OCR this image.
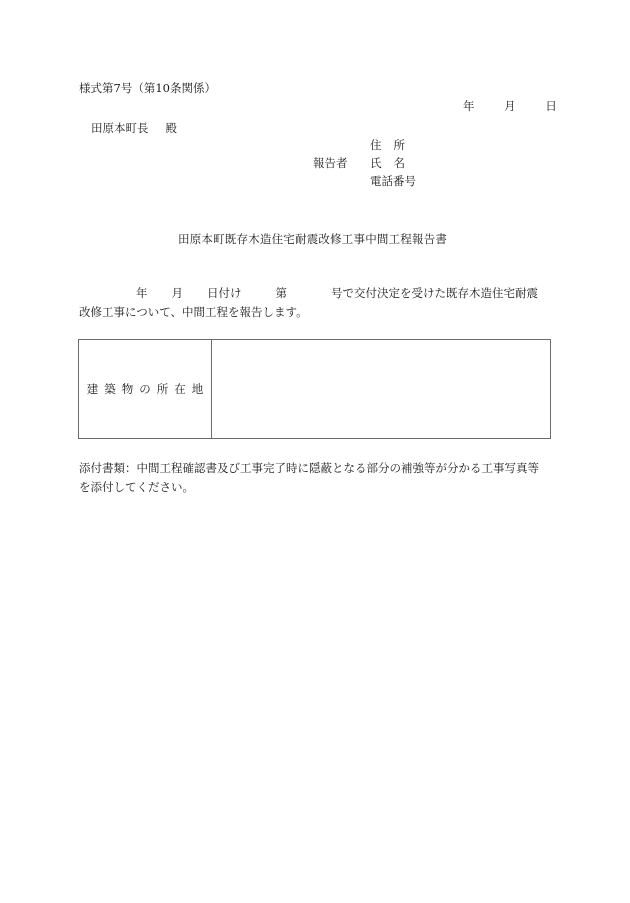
様式第7号（第10条関係）
年	月	日
田原本町長 殿
報告者
住所
氏名
電話番号
田原本町既存木造住宅耐震改修工事中間工程報告書
年 月 日付け	第	号で交付決定を受けた既存木造住宅耐震
改修工事について、中間工程を報告します。
建築物の所在地
添付書類：中間工程確認書及び工事完了時に隠蔽となる部分の補強等が分かる工事写真等
を添付してください。
